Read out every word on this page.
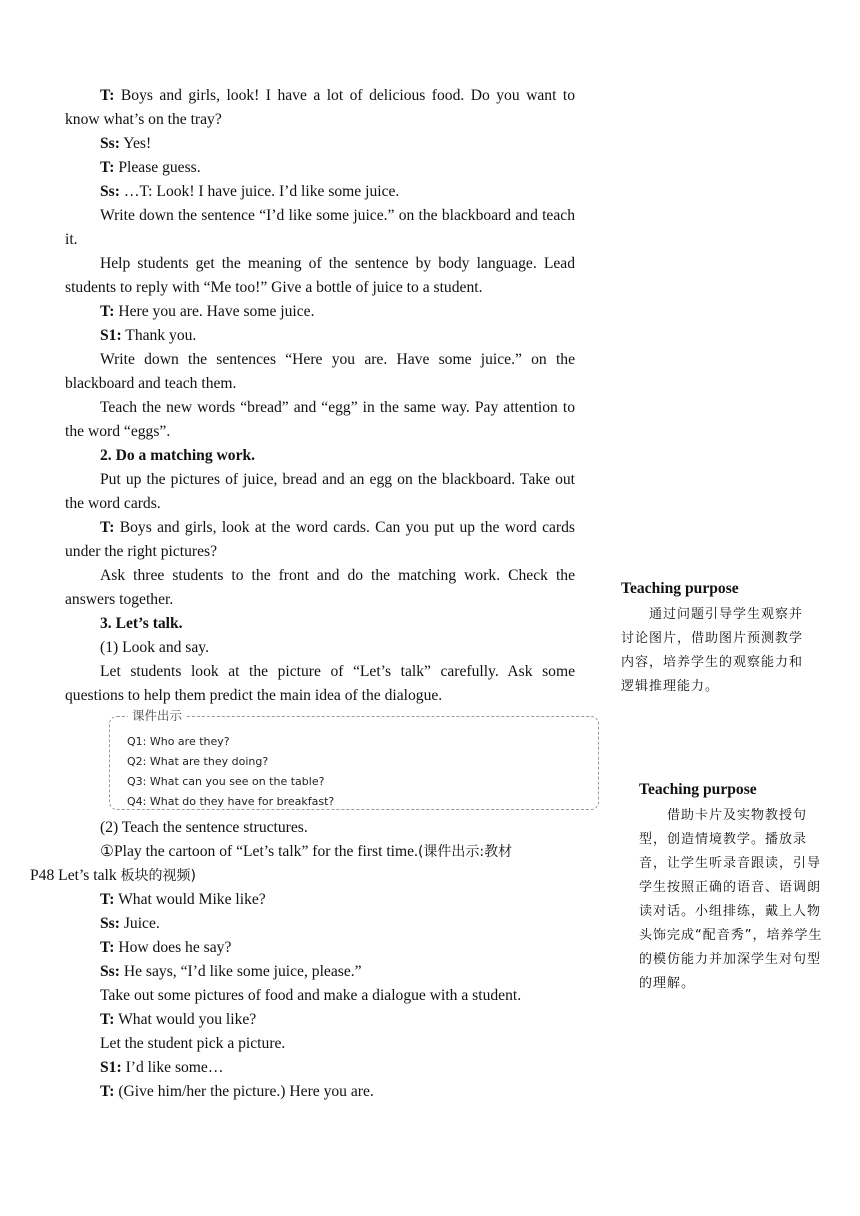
T: Boys and girls, look! I have a lot of delicious food. Do you want to know what’s on the tray?

Ss: Yes!

T: Please guess.

Ss: …T: Look! I have juice. I’d like some juice.

Write down the sentence “I’d like some juice.” on the blackboard and teach it.

Help students get the meaning of the sentence by body language. Lead students to reply with “Me too!” Give a bottle of juice to a student.

T: Here you are. Have some juice.

S1: Thank you.

Write down the sentences “Here you are. Have some juice.” on the blackboard and teach them.

Teach the new words “bread” and “egg” in the same way. Pay attention to the word “eggs”.

2. Do a matching work.

Put up the pictures of juice, bread and an egg on the blackboard. Take out the word cards.

T: Boys and girls, look at the word cards. Can you put up the word cards under the right pictures?

Ask three students to the front and do the matching work. Check the answers together.

3. Let’s talk.

(1) Look and say.

Let students look at the picture of “Let’s talk” carefully. Ask some questions to help them predict the main idea of the dialogue.

课件出示
Q1: Who are they?
Q2: What are they doing?
Q3: What can you see on the table?
Q4: What do they have for breakfast?

(2) Teach the sentence structures.

①Play the cartoon of “Let’s talk” for the first time.(课件出示:教材
P48 Let’s talk 板块的视频)

T: What would Mike like?

Ss: Juice.

T: How does he say?

Ss: He says, “I’d like some juice, please.”

Take out some pictures of food and make a dialogue with a student.

T: What would you like?

Let the student pick a picture.

S1: I’d like some…

T: (Give him/her the picture.) Here you are.

Teaching purpose

通过问题引导学生观察并讨论图片，借助图片预测教学内容，培养学生的观察能力和逻辑推理能力。

Teaching purpose

借助卡片及实物教授句型，创造情境教学。播放录音，让学生听录音跟读，引导学生按照正确的语音、语调朗读对话。小组排练，戴上人物头饰完成“配音秀”，培养学生的模仿能力并加深学生对句型的理解。
